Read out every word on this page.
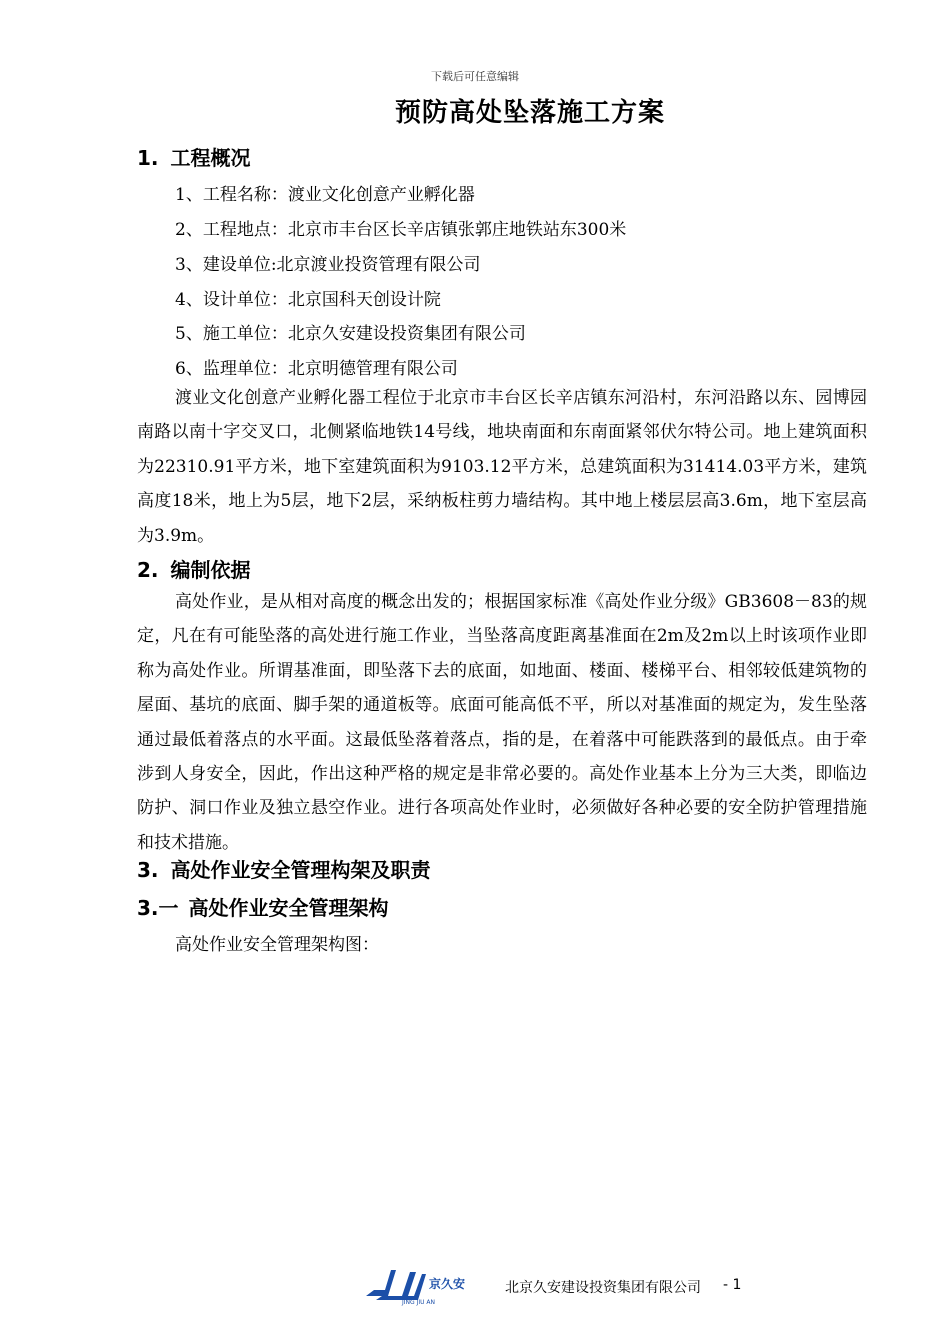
下载后可任意编辑
预防高处坠落施工方案
1. 工程概况
1、工程名称：渡业文化创意产业孵化器
2、工程地点：北京市丰台区长辛店镇张郭庄地铁站东300米
3、建设单位:北京渡业投资管理有限公司
4、设计单位：北京国科天创设计院
5、施工单位：北京久安建设投资集团有限公司
6、监理单位：北京明德管理有限公司

渡业文化创意产业孵化器工程位于北京市丰台区长辛店镇东河沿村，东河沿路以东、园博园南路以南十字交叉口，北侧紧临地铁14号线，地块南面和东南面紧邻伏尔特公司。地上建筑面积为22310.91平方米，地下室建筑面积为9103.12平方米，总建筑面积为31414.03平方米，建筑高度18米，地上为5层，地下2层，采纳板柱剪力墙结构。其中地上楼层层高3.6m，地下室层高为3.9m。

2. 编制依据

高处作业，是从相对高度的概念出发的；根据国家标准《高处作业分级》GB3608－83的规定，凡在有可能坠落的高处进行施工作业，当坠落高度距离基准面在2m及2m以上时该项作业即称为高处作业。所谓基准面，即坠落下去的底面，如地面、楼面、楼梯平台、相邻较低建筑物的屋面、基坑的底面、脚手架的通道板等。底面可能高低不平，所以对基准面的规定为，发生坠落通过最低着落点的水平面。这最低坠落着落点，指的是，在着落中可能跌落到的最低点。由于牵涉到人身安全，因此，作出这种严格的规定是非常必要的。高处作业基本上分为三大类，即临边防护、洞口作业及独立悬空作业。进行各项高处作业时，必须做好各种必要的安全防护管理措施和技术措施。

3. 高处作业安全管理构架及职责
3.一 高处作业安全管理架构
高处作业安全管理架构图：
京久安
JING JIU AN
北京久安建设投资集团有限公司 - 1
